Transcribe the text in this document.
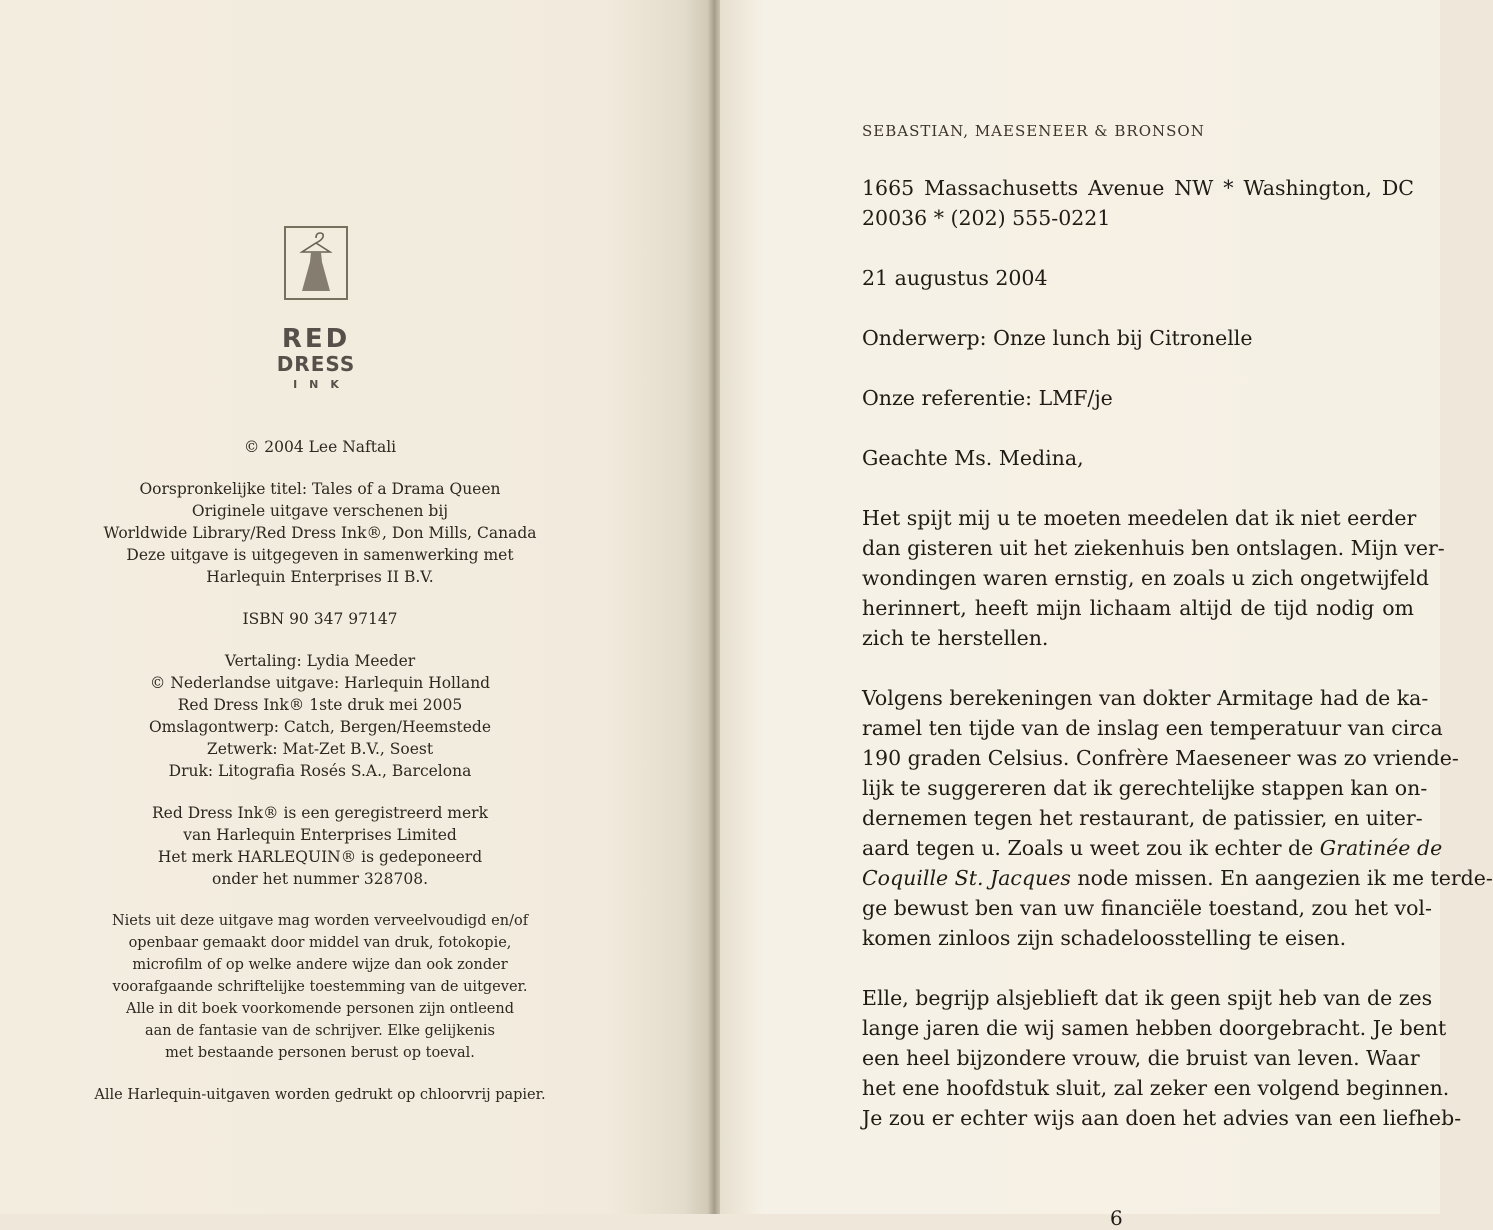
RED
DRESS
INK
© 2004 Lee Naftali
Oorspronkelijke titel: Tales of a Drama Queen
Originele uitgave verschenen bij
Worldwide Library/Red Dress Ink®, Don Mills, Canada
Deze uitgave is uitgegeven in samenwerking met
Harlequin Enterprises II B.V.
ISBN 90 347 97147
Vertaling: Lydia Meeder
© Nederlandse uitgave: Harlequin Holland
Red Dress Ink® 1ste druk mei 2005
Omslagontwerp: Catch, Bergen/Heemstede
Zetwerk: Mat-Zet B.V., Soest
Druk: Litografia Rosés S.A., Barcelona
Red Dress Ink® is een geregistreerd merk
van Harlequin Enterprises Limited
Het merk HARLEQUIN® is gedeponeerd
onder het nummer 328708.
Niets uit deze uitgave mag worden verveelvoudigd en/of
openbaar gemaakt door middel van druk, fotokopie,
microfilm of op welke andere wijze dan ook zonder
voorafgaande schriftelijke toestemming van de uitgever.
Alle in dit boek voorkomende personen zijn ontleend
aan de fantasie van de schrijver. Elke gelijkenis
met bestaande personen berust op toeval.
Alle Harlequin-uitgaven worden gedrukt op chloorvrij papier.
SEBASTIAN, MAESENEER & BRONSON
1665 Massachusetts Avenue NW * Washington, DC
20036 * (202) 555-0221

21 augustus 2004

Onderwerp: Onze lunch bij Citronelle

Onze referentie: LMF/je

Geachte Ms. Medina,

Het spijt mij u te moeten meedelen dat ik niet eerder
dan gisteren uit het ziekenhuis ben ontslagen. Mijn ver-
wondingen waren ernstig, en zoals u zich ongetwijfeld
herinnert, heeft mijn lichaam altijd de tijd nodig om
zich te herstellen.

Volgens berekeningen van dokter Armitage had de ka-
ramel ten tijde van de inslag een temperatuur van circa
190 graden Celsius. Confrère Maeseneer was zo vriende-
lijk te suggereren dat ik gerechtelijke stappen kan on-
dernemen tegen het restaurant, de patissier, en uiter-
aard tegen u. Zoals u weet zou ik echter de Gratinée de
Coquille St. Jacques node missen. En aangezien ik me terde-
ge bewust ben van uw financiële toestand, zou het vol-
komen zinloos zijn schadeloosstelling te eisen.

Elle, begrijp alsjeblieft dat ik geen spijt heb van de zes
lange jaren die wij samen hebben doorgebracht. Je bent
een heel bijzondere vrouw, die bruist van leven. Waar
het ene hoofdstuk sluit, zal zeker een volgend beginnen.
Je zou er echter wijs aan doen het advies van een liefheb-

6
